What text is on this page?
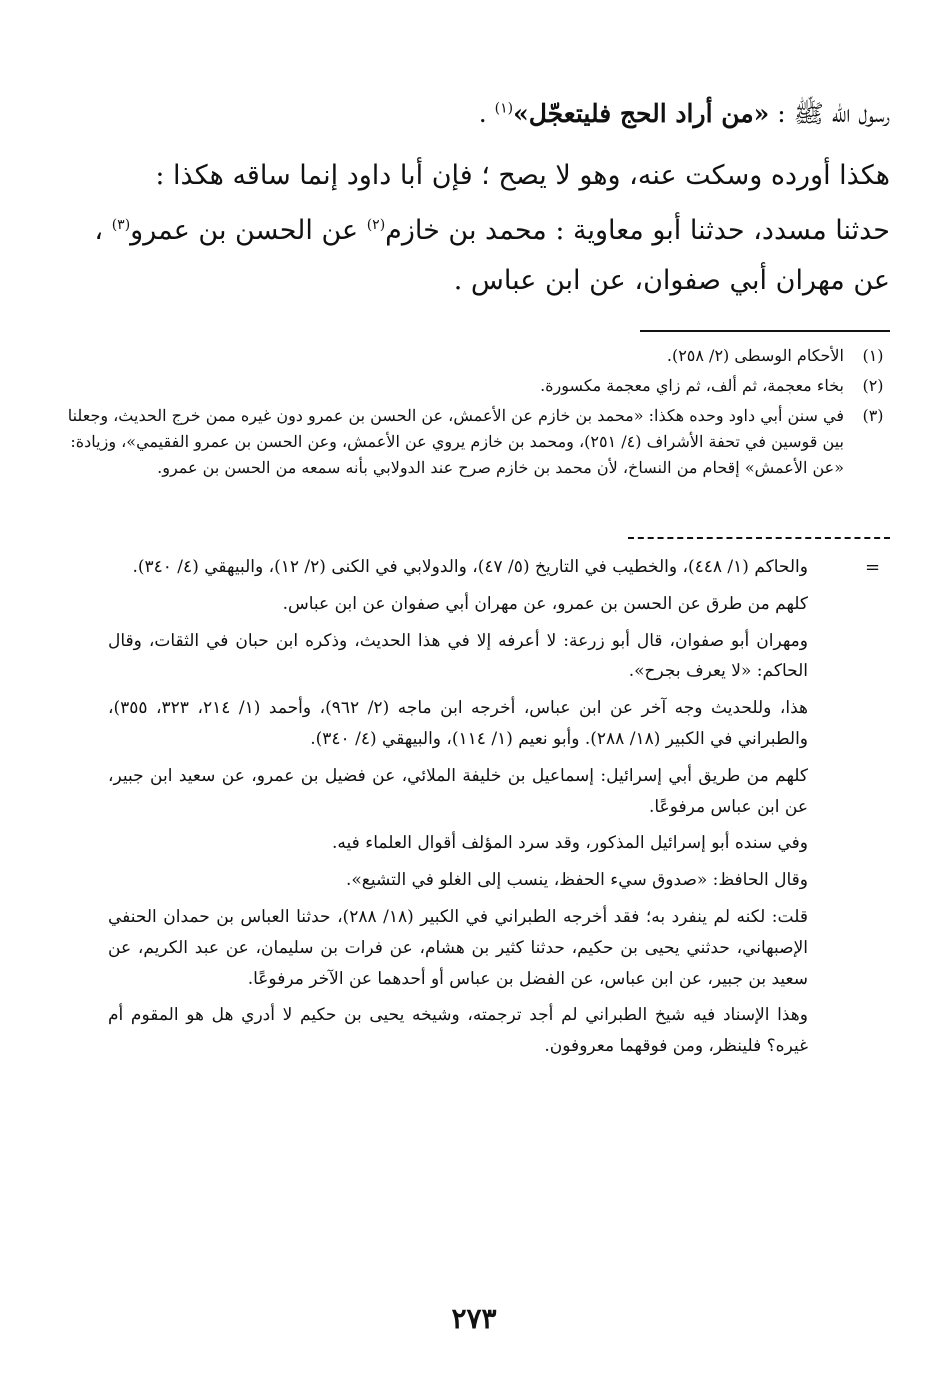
رسول الله ﷺ : «من أراد الحج فليتعجّل»$^{(١)}$ .
هكذا أورده وسكت عنه، وهو لا يصح ؛ فإن أبا داود إنما ساقه هكذا :
حدثنا مسدد، حدثنا أبو معاوية : محمد بن خازم$^{(٢)}$ عن الحسن بن عمرو$^{(٣)}$ ،
عن مهران أبي صفوان، عن ابن عباس .
(١)
الأحكام الوسطى (٢/ ٢٥٨).
(٢)
بخاء معجمة، ثم ألف، ثم زاي معجمة مكسورة.
(٣)
في سنن أبي داود وحده هكذا: «محمد بن خازم عن الأعمش، عن الحسن بن عمرو دون غيره ممن خرج الحديث، وجعلنا بين قوسين في تحفة الأشراف (٤/ ٢٥١)، ومحمد بن خازم يروي عن الأعمش، وعن الحسن بن عمرو الفقيمي»، وزيادة: «عن الأعمش» إقحام من النساخ، لأن محمد بن خازم صرح عند الدولابي بأنه سمعه من الحسن بن عمرو.
=

والحاكم (١/ ٤٤٨)، والخطيب في التاريخ (٥/ ٤٧)، والدولابي في الكنى (٢/ ١٢)، والبيهقي (٤/ ٣٤٠).

كلهم من طرق عن الحسن بن عمرو، عن مهران أبي صفوان عن ابن عباس.

ومهران أبو صفوان، قال أبو زرعة: لا أعرفه إلا في هذا الحديث، وذكره ابن حبان في الثقات، وقال الحاكم: «لا يعرف بجرح».

هذا، وللحديث وجه آخر عن ابن عباس، أخرجه ابن ماجه (٢/ ٩٦٢)، وأحمد (١/ ٢١٤، ٣٢٣، ٣٥٥)، والطبراني في الكبير (١٨/ ٢٨٨). وأبو نعيم (١/ ١١٤)، والبيهقي (٤/ ٣٤٠).

كلهم من طريق أبي إسرائيل: إسماعيل بن خليفة الملائي، عن فضيل بن عمرو، عن سعيد ابن جبير، عن ابن عباس مرفوعًا.

وفي سنده أبو إسرائيل المذكور، وقد سرد المؤلف أقوال العلماء فيه.

وقال الحافظ: «صدوق سيء الحفظ، ينسب إلى الغلو في التشيع».

قلت: لكنه لم ينفرد به؛ فقد أخرجه الطبراني في الكبير (١٨/ ٢٨٨)، حدثنا العباس بن حمدان الحنفي الإصبهاني، حدثني يحيى بن حكيم، حدثنا كثير بن هشام، عن فرات بن سليمان، عن عبد الكريم، عن سعيد بن جبير، عن ابن عباس، عن الفضل بن عباس أو أحدهما عن الآخر مرفوعًا.

وهذا الإسناد فيه شيخ الطبراني لم أجد ترجمته، وشيخه يحيى بن حكيم لا أدري هل هو المقوم أم غيره؟ فلينظر، ومن فوقهما معروفون.

٢٧٣
